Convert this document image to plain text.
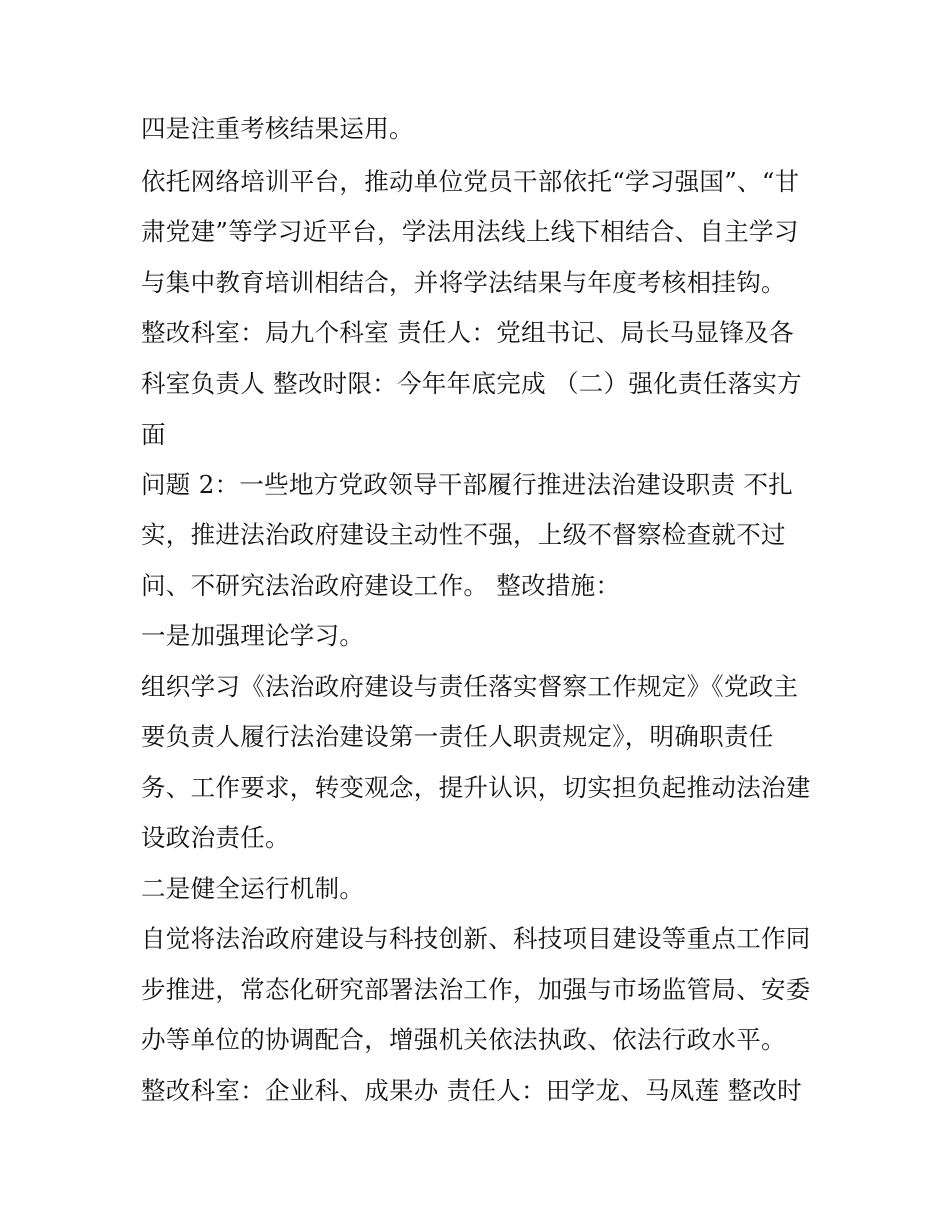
四是注重考核结果运用。
依托网络培训平台，推动单位党员干部依托“学习强国”、“甘
肃党建”等学习近平台，学法用法线上线下相结合、自主学习
与集中教育培训相结合，并将学法结果与年度考核相挂钩。
整改科室：局九个科室 责任人：党组书记、局长马显锋及各
科室负责人 整改时限：今年年底完成 （二）强化责任落实方
面
问题 2：一些地方党政领导干部履行推进法治建设职责 不扎
实，推进法治政府建设主动性不强，上级不督察检查就不过
问、不研究法治政府建设工作。 整改措施：
一是加强理论学习。
组织学习《法治政府建设与责任落实督察工作规定》《党政主
要负责人履行法治建设第一责任人职责规定》，明确职责任
务、工作要求，转变观念，提升认识，切实担负起推动法治建
设政治责任。
二是健全运行机制。
自觉将法治政府建设与科技创新、科技项目建设等重点工作同
步推进，常态化研究部署法治工作，加强与市场监管局、安委
办等单位的协调配合，增强机关依法执政、依法行政水平。
整改科室：企业科、成果办 责任人：田学龙、马凤莲 整改时
